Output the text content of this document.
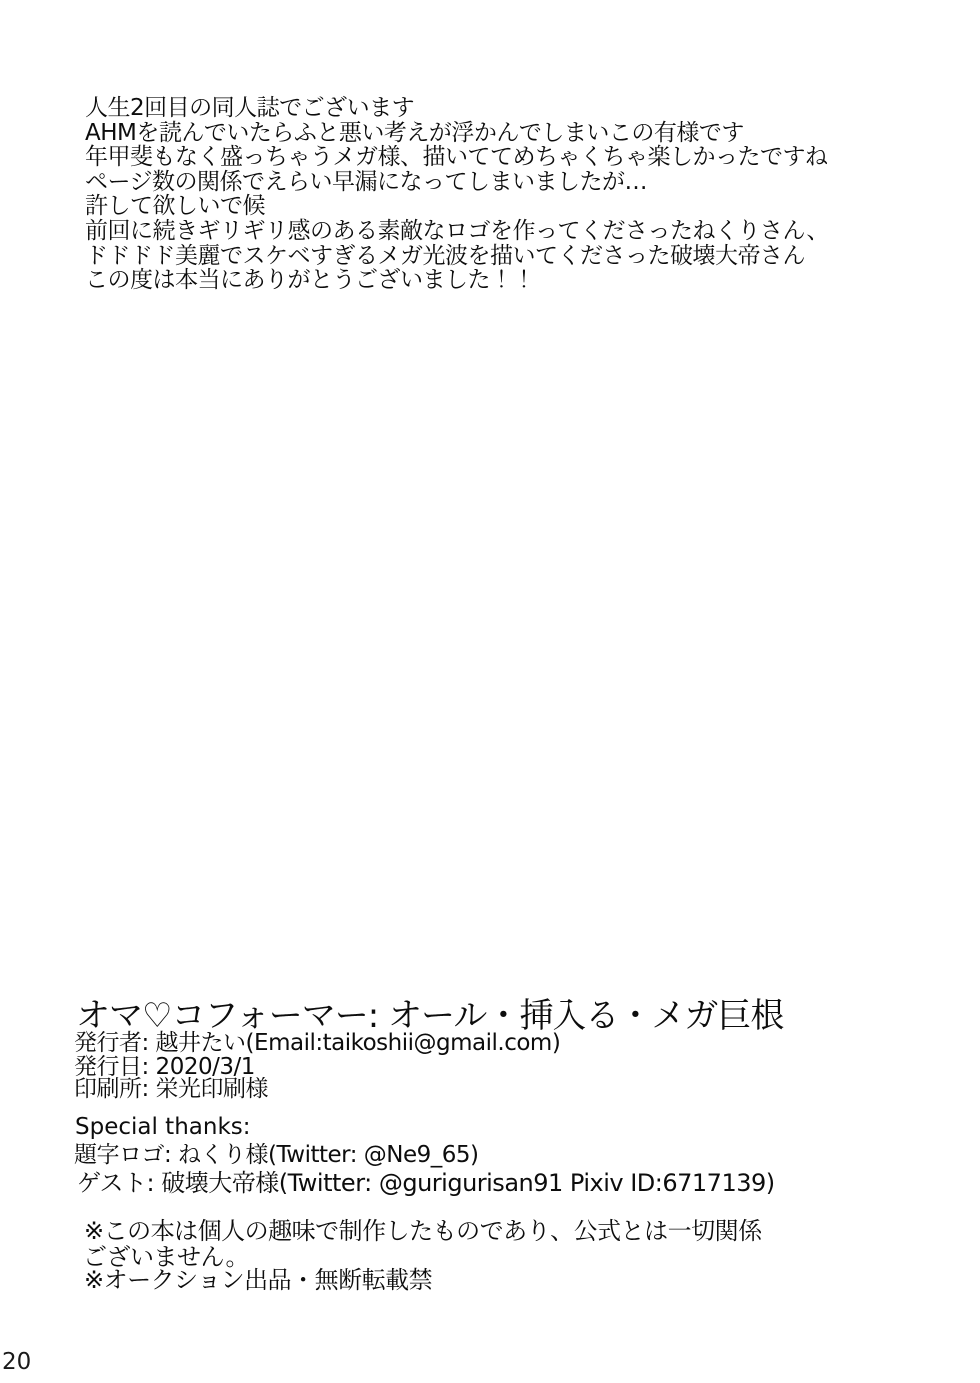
人生2回目の同人誌でございます
AHMを読んでいたらふと悪い考えが浮かんでしまいこの有様です
年甲斐もなく盛っちゃうメガ様、描いててめちゃくちゃ楽しかったですね
ページ数の関係でえらい早漏になってしまいましたが…
許して欲しいで候
前回に続きギリギリ感のある素敵なロゴを作ってくださったねくりさん、
ドドドド美麗でスケベすぎるメガ光波を描いてくださった破壊大帝さん
この度は本当にありがとうございました！！
オマ♡コフォーマー: オール・挿入る・メガ巨根
発行者: 越井たい(Email:taikoshii@gmail.com)
発行日: 2020/3/1
印刷所: 栄光印刷様
Special thanks:
題字ロゴ: ねくり様(Twitter: @Ne9_65)
ゲスト: 破壊大帝様(Twitter: @gurigurisan91 Pixiv ID:6717139)
※この本は個人の趣味で制作したものであり、公式とは一切関係
ございません。
※オークション出品・無断転載禁
20
